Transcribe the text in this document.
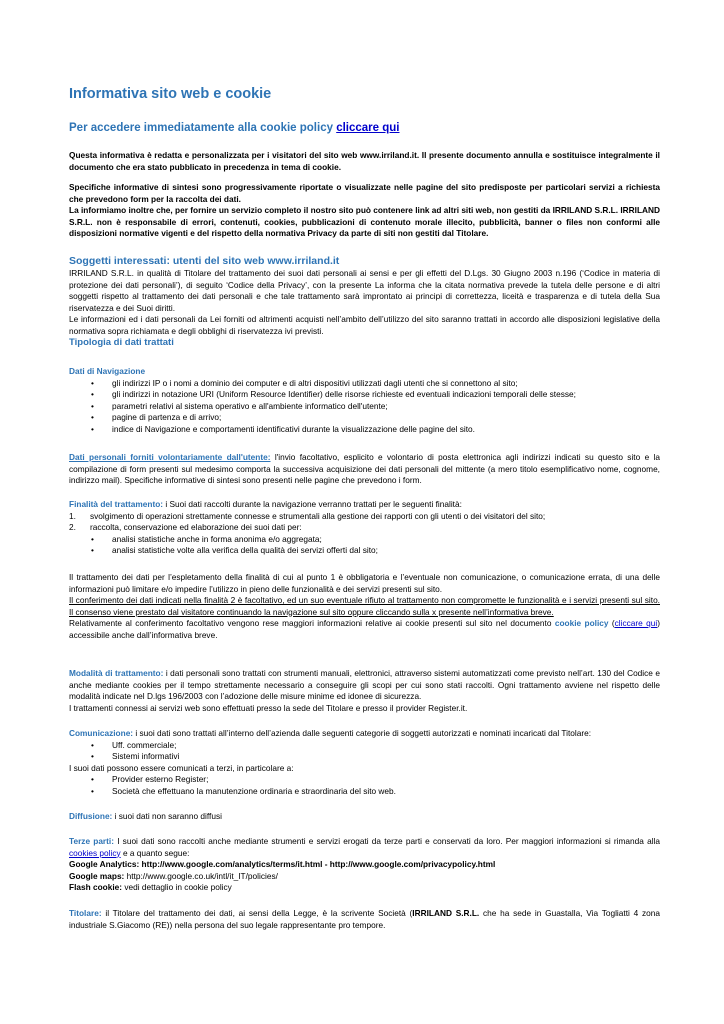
Informativa sito web e cookie

Per accedere immediatamente alla cookie policy cliccare qui

Questa informativa è redatta e personalizzata per i visitatori del sito web www.irriland.it. Il presente documento annulla e sostituisce integralmente il documento che era stato pubblicato in precedenza in tema di cookie.

Specifiche informative di sintesi sono progressivamente riportate o visualizzate nelle pagine del sito predisposte per particolari servizi a richiesta che prevedono form per la raccolta dei dati.

La informiamo inoltre che, per fornire un servizio completo il nostro sito può contenere link ad altri siti web, non gestiti da IRRILAND S.R.L. IRRILAND S.R.L. non è responsabile di errori, contenuti, cookies, pubblicazioni di contenuto morale illecito, pubblicità, banner o files non conformi alle disposizioni normative vigenti e del rispetto della normativa Privacy da parte di siti non gestiti dal Titolare.

Soggetti interessati: utenti del sito web www.irriland.it

IRRILAND S.R.L. in qualità di Titolare del trattamento dei suoi dati personali ai sensi e per gli effetti del D.Lgs. 30 Giugno 2003 n.196 (‘Codice in materia di protezione dei dati personali’), di seguito ‘Codice della Privacy’, con la presente La informa che la citata normativa prevede la tutela delle persone e di altri soggetti rispetto al trattamento dei dati personali e che tale trattamento sarà improntato ai principi di correttezza, liceità e trasparenza e di tutela della Sua riservatezza e dei Suoi diritti.

Le informazioni ed i dati personali da Lei forniti od altrimenti acquisti nell’ambito dell’utilizzo del sito saranno trattati in accordo alle disposizioni legislative della normativa sopra richiamata e degli obblighi di riservatezza ivi previsti.

Tipologia di dati trattati
Dati di Navigazione
• gli indirizzi IP o i nomi a dominio dei computer e di altri dispositivi utilizzati dagli utenti che si connettono al sito;
• gli indirizzi in notazione URI (Uniform Resource Identifier) delle risorse richieste ed eventuali indicazioni temporali delle stesse;
• parametri relativi al sistema operativo e all'ambiente informatico dell'utente;
• pagine di partenza e di arrivo;
• indice di Navigazione e comportamenti identificativi durante la visualizzazione delle pagine del sito.

Dati personali forniti volontariamente dall'utente: l'invio facoltativo, esplicito e volontario di posta elettronica agli indirizzi indicati su questo sito e la compilazione di form presenti sul medesimo comporta la successiva acquisizione dei dati personali del mittente (a mero titolo esemplificativo nome, cognome, indirizzo mail). Specifiche informative di sintesi sono presenti nelle pagine che prevedono i form.

Finalità del trattamento: i Suoi dati raccolti durante la navigazione verranno trattati per le seguenti finalità:

1. svolgimento di operazioni strettamente connesse e strumentali alla gestione dei rapporti con gli utenti o dei visitatori del sito;
2. raccolta, conservazione ed elaborazione dei suoi dati per:
• analisi statistiche anche in forma anonima e/o aggregata;
• analisi statistiche volte alla verifica della qualità dei servizi offerti dal sito;

Il trattamento dei dati per l’espletamento della finalità di cui al punto 1 è obbligatoria e l’eventuale non comunicazione, o comunicazione errata, di una delle informazioni può limitare e/o impedire l’utilizzo in pieno delle funzionalità e dei servizi presenti sul sito.

Il conferimento dei dati indicati nella finalità 2 è facoltativo, ed un suo eventuale rifiuto al trattamento non compromette le funzionalità e i servizi presenti sul sito. Il consenso viene prestato dal visitatore continuando la navigazione sul sito oppure cliccando sulla x presente nell’informativa breve.

Relativamente al conferimento facoltativo vengono rese maggiori informazioni relative ai cookie presenti sul sito nel documento cookie policy (cliccare qui) accessibile anche dall’informativa breve.

Modalità di trattamento: i dati personali sono trattati con strumenti manuali, elettronici, attraverso sistemi automatizzati come previsto nell’art. 130 del Codice e anche mediante cookies per il tempo strettamente necessario a conseguire gli scopi per cui sono stati raccolti. Ogni trattamento avviene nel rispetto delle modalità indicate nel D.lgs 196/2003 con l’adozione delle misure minime ed idonee di sicurezza.

I trattamenti connessi ai servizi web sono effettuati presso la sede del Titolare e presso il provider Register.it.

Comunicazione: i suoi dati sono trattati all’interno dell’azienda dalle seguenti categorie di soggetti autorizzati e nominati incaricati dal Titolare:

• Uff. commerciale;
• Sistemi informativi

I suoi dati possono essere comunicati a terzi, in particolare a:

• Provider esterno Register;
• Società che effettuano la manutenzione ordinaria e straordinaria del sito web.

Diffusione: i suoi dati non saranno diffusi

Terze parti: I suoi dati sono raccolti anche mediante strumenti e servizi erogati da terze parti e conservati da loro. Per maggiori informazioni si rimanda alla cookies policy e a quanto segue:

Google Analytics: http://www.google.com/analytics/terms/it.html - http://www.google.com/privacypolicy.html

Google maps: http://www.google.co.uk/intl/it_IT/policies/

Flash cookie: vedi dettaglio in cookie policy

Titolare: il Titolare del trattamento dei dati, ai sensi della Legge, è la scrivente Società (IRRILAND S.R.L. che ha sede in Guastalla, Via Togliatti 4 zona industriale S.Giacomo (RE)) nella persona del suo legale rappresentante pro tempore.
